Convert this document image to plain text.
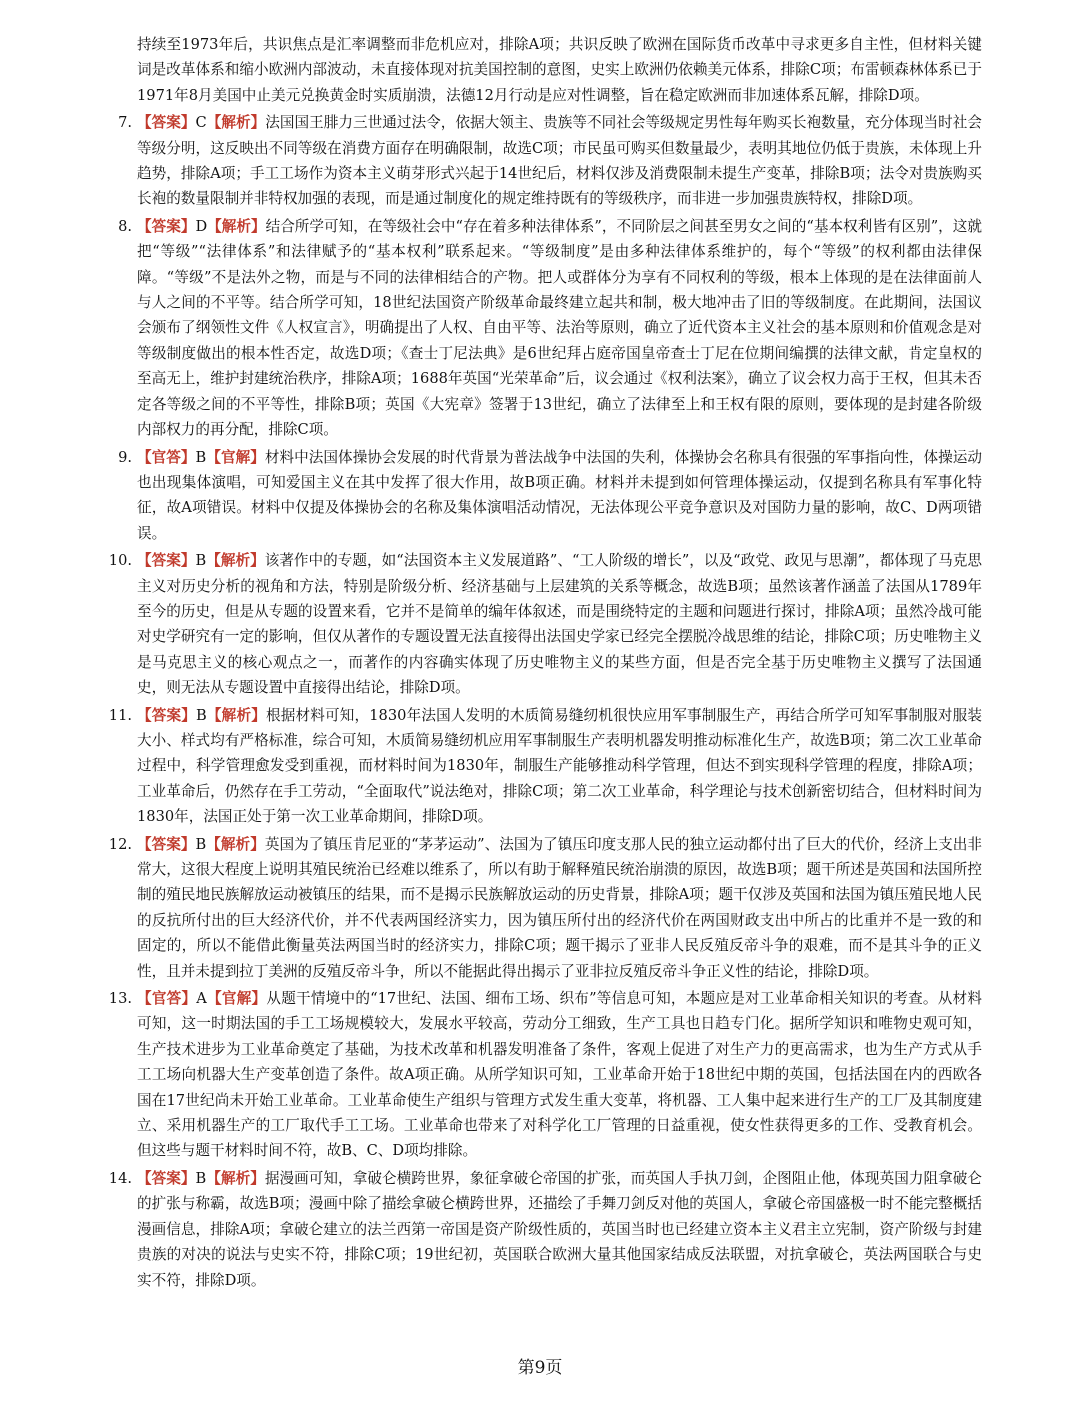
持续至1973年后，共识焦点是汇率调整而非危机应对，排除A项；共识反映了欧洲在国际货币改革中寻求更多自主性，但材料关键词是改革体系和缩小欧洲内部波动，未直接体现对抗美国控制的意图，史实上欧洲仍依赖美元体系，排除C项；布雷顿森林体系已于1971年8月美国中止美元兑换黄金时实质崩溃，法德12月行动是应对性调整，旨在稳定欧洲而非加速体系瓦解，排除D项。
7. 【答案】C【解析】法国国王腓力三世通过法令，依据大领主、贵族等不同社会等级规定男性每年购买长袍数量，充分体现当时社会等级分明，这反映出不同等级在消费方面存在明确限制，故选C项；市民虽可购买但数量最少，表明其地位仍低于贵族，未体现上升趋势，排除A项；手工工场作为资本主义萌芽形式兴起于14世纪后，材料仅涉及消费限制未提生产变革，排除B项；法令对贵族购买长袍的数量限制并非特权加强的表现，而是通过制度化的规定维持既有的等级秩序，而非进一步加强贵族特权，排除D项。
8. 【答案】D【解析】结合所学可知，在等级社会中“存在着多种法律体系”，不同阶层之间甚至男女之间的“基本权利皆有区别”，这就把“等级”“法律体系”和法律赋予的“基本权利”联系起来。“等级制度”是由多种法律体系维护的，每个“等级”的权利都由法律保障。“等级”不是法外之物，而是与不同的法律相结合的产物。把人或群体分为享有不同权利的等级，根本上体现的是在法律面前人与人之间的不平等。结合所学可知，18世纪法国资产阶级革命最终建立起共和制，极大地冲击了旧的等级制度。在此期间，法国议会颁布了纲领性文件《人权宣言》，明确提出了人权、自由平等、法治等原则，确立了近代资本主义社会的基本原则和价值观念是对等级制度做出的根本性否定，故选D项；《查士丁尼法典》是6世纪拜占庭帝国皇帝查士丁尼在位期间编撰的法律文献，肯定皇权的至高无上，维护封建统治秩序，排除A项；1688年英国“光荣革命”后，议会通过《权利法案》，确立了议会权力高于王权，但其未否定各等级之间的不平等性，排除B项；英国《大宪章》签署于13世纪，确立了法律至上和王权有限的原则，要体现的是封建各阶级内部权力的再分配，排除C项。
9. 【官答】B【官解】材料中法国体操协会发展的时代背景为普法战争中法国的失利，体操协会名称具有很强的军事指向性，体操运动也出现集体演唱，可知爱国主义在其中发挥了很大作用，故B项正确。材料并未提到如何管理体操运动，仅提到名称具有军事化特征，故A项错误。材料中仅提及体操协会的名称及集体演唱活动情况，无法体现公平竞争意识及对国防力量的影响，故C、D两项错误。
10. 【答案】B【解析】该著作中的专题，如“法国资本主义发展道路”、“工人阶级的增长”，以及“政党、政见与思潮”，都体现了马克思主义对历史分析的视角和方法，特别是阶级分析、经济基础与上层建筑的关系等概念，故选B项；虽然该著作涵盖了法国从1789年至今的历史，但是从专题的设置来看，它并不是简单的编年体叙述，而是围绕特定的主题和问题进行探讨，排除A项；虽然冷战可能对史学研究有一定的影响，但仅从著作的专题设置无法直接得出法国史学家已经完全摆脱冷战思维的结论，排除C项；历史唯物主义是马克思主义的核心观点之一，而著作的内容确实体现了历史唯物主义的某些方面，但是否完全基于历史唯物主义撰写了法国通史，则无法从专题设置中直接得出结论，排除D项。
11. 【答案】B【解析】根据材料可知，1830年法国人发明的木质简易缝纫机很快应用军事制服生产，再结合所学可知军事制服对服装大小、样式均有严格标准，综合可知，木质简易缝纫机应用军事制服生产表明机器发明推动标准化生产，故选B项；第二次工业革命过程中，科学管理愈发受到重视，而材料时间为1830年，制服生产能够推动科学管理，但达不到实现科学管理的程度，排除A项；工业革命后，仍然存在手工劳动，“全面取代”说法绝对，排除C项；第二次工业革命，科学理论与技术创新密切结合，但材料时间为1830年，法国正处于第一次工业革命期间，排除D项。
12. 【答案】B【解析】英国为了镇压肯尼亚的“茅茅运动”、法国为了镇压印度支那人民的独立运动都付出了巨大的代价，经济上支出非常大，这很大程度上说明其殖民统治已经难以维系了，所以有助于解释殖民统治崩溃的原因，故选B项；题干所述是英国和法国所控制的殖民地民族解放运动被镇压的结果，而不是揭示民族解放运动的历史背景，排除A项；题干仅涉及英国和法国为镇压殖民地人民的反抗所付出的巨大经济代价，并不代表两国经济实力，因为镇压所付出的经济代价在两国财政支出中所占的比重并不是一致的和固定的，所以不能借此衡量英法两国当时的经济实力，排除C项；题干揭示了亚非人民反殖反帝斗争的艰难，而不是其斗争的正义性，且并未提到拉丁美洲的反殖反帝斗争，所以不能据此得出揭示了亚非拉反殖反帝斗争正义性的结论，排除D项。
13. 【官答】A【官解】从题干情境中的“17世纪、法国、细布工场、织布”等信息可知，本题应是对工业革命相关知识的考查。从材料可知，这一时期法国的手工工场规模较大，发展水平较高，劳动分工细致，生产工具也日趋专门化。据所学知识和唯物史观可知，生产技术进步为工业革命奠定了基础，为技术改革和机器发明准备了条件，客观上促进了对生产力的更高需求，也为生产方式从手工工场向机器大生产变革创造了条件。故A项正确。从所学知识可知，工业革命开始于18世纪中期的英国，包括法国在内的西欧各国在17世纪尚未开始工业革命。工业革命使生产组织与管理方式发生重大变革，将机器、工人集中起来进行生产的工厂及其制度建立、采用机器生产的工厂取代手工工场。工业革命也带来了对科学化工厂管理的日益重视，使女性获得更多的工作、受教育机会。但这些与题干材料时间不符，故B、C、D项均排除。
14. 【答案】B【解析】据漫画可知，拿破仑横跨世界，象征拿破仑帝国的扩张，而英国人手执刀剑，企图阻止他，体现英国力阻拿破仑的扩张与称霸，故选B项；漫画中除了描绘拿破仑横跨世界，还描绘了手舞刀剑反对他的英国人，拿破仑帝国盛极一时不能完整概括漫画信息，排除A项；拿破仑建立的法兰西第一帝国是资产阶级性质的，英国当时也已经建立资本主义君主立宪制，资产阶级与封建贵族的对决的说法与史实不符，排除C项；19世纪初，英国联合欧洲大量其他国家结成反法联盟，对抗拿破仑，英法两国联合与史实不符，排除D项。
第9页
